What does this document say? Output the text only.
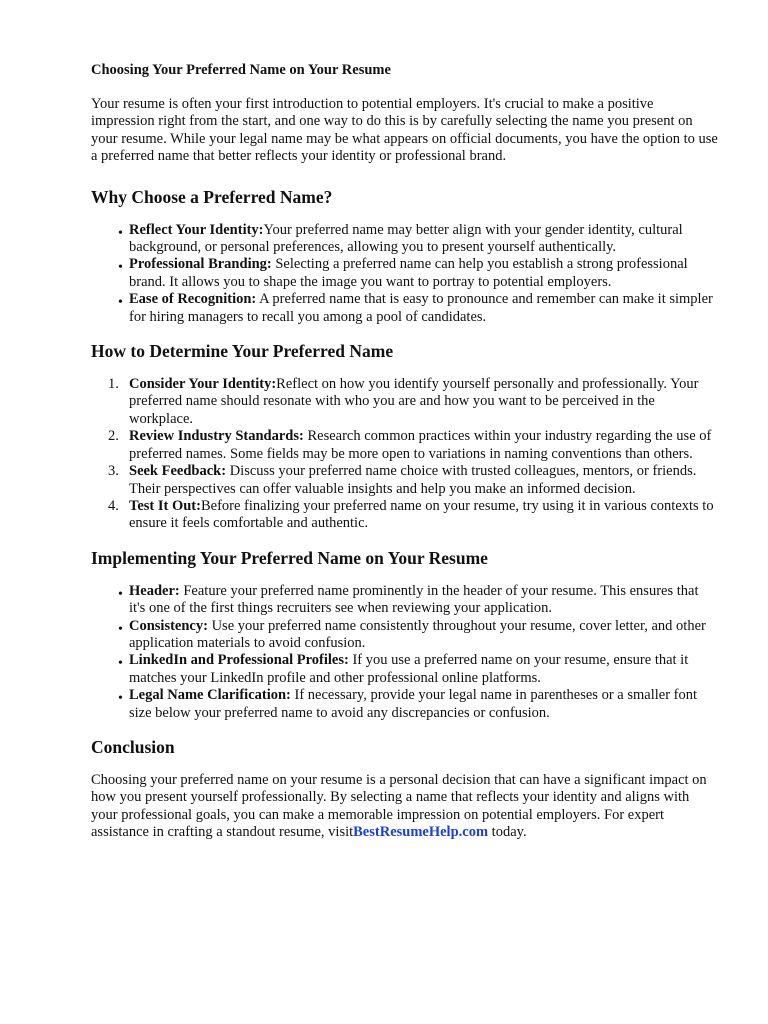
Choosing Your Preferred Name on Your Resume

Your resume is often your first introduction to potential employers. It's crucial to make a positive impression right from the start, and one way to do this is by carefully selecting the name you present on your resume. While your legal name may be what appears on official documents, you have the option to use a preferred name that better reflects your identity or professional brand.

Why Choose a Preferred Name?
• Reflect Your Identity:Your preferred name may better align with your gender identity, cultural background, or personal preferences, allowing you to present yourself authentically.
• Professional Branding: Selecting a preferred name can help you establish a strong professional brand. It allows you to shape the image you want to portray to potential employers.
• Ease of Recognition: A preferred name that is easy to pronounce and remember can make it simpler for hiring managers to recall you among a pool of candidates.
How to Determine Your Preferred Name
1. Consider Your Identity:Reflect on how you identify yourself personally and professionally. Your preferred name should resonate with who you are and how you want to be perceived in the workplace.
2. Review Industry Standards: Research common practices within your industry regarding the use of preferred names. Some fields may be more open to variations in naming conventions than others.
3. Seek Feedback: Discuss your preferred name choice with trusted colleagues, mentors, or friends. Their perspectives can offer valuable insights and help you make an informed decision.
4. Test It Out:Before finalizing your preferred name on your resume, try using it in various contexts to ensure it feels comfortable and authentic.
Implementing Your Preferred Name on Your Resume
• Header: Feature your preferred name prominently in the header of your resume. This ensures that it's one of the first things recruiters see when reviewing your application.
• Consistency: Use your preferred name consistently throughout your resume, cover letter, and other application materials to avoid confusion.
• LinkedIn and Professional Profiles: If you use a preferred name on your resume, ensure that it matches your LinkedIn profile and other professional online platforms.
• Legal Name Clarification: If necessary, provide your legal name in parentheses or a smaller font size below your preferred name to avoid any discrepancies or confusion.
Conclusion

Choosing your preferred name on your resume is a personal decision that can have a significant impact on how you present yourself professionally. By selecting a name that reflects your identity and aligns with your professional goals, you can make a memorable impression on potential employers. For expert assistance in crafting a standout resume, visitBestResumeHelp.com today.
